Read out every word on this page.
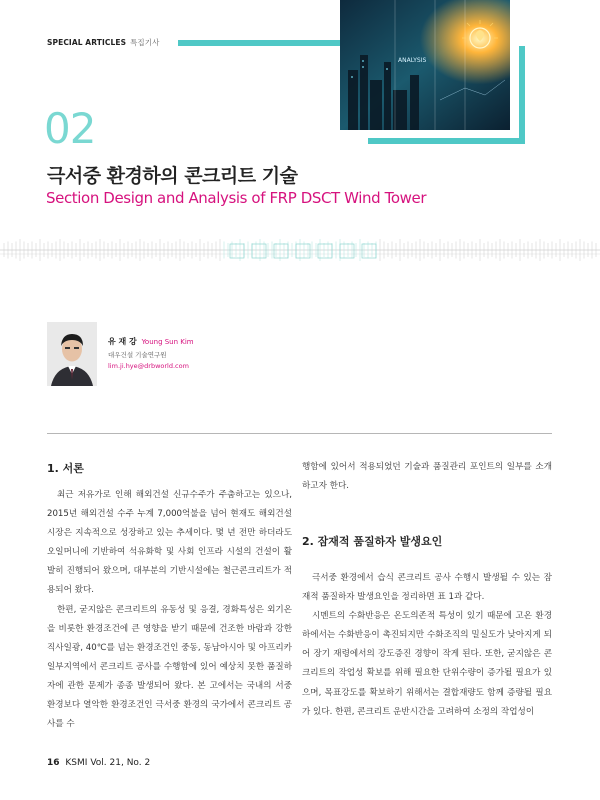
SPECIAL ARTICLES 특집기사
ANALYSIS
02
극서중 환경하의 콘크리트 기술
Section Design and Analysis of FRP DSCT Wind Tower
유 재 강 Young Sun Kim
대우건설 기술연구원
lim.ji.hye@drbworld.com
1. 서론

최근 저유가로 인해 해외건설 신규수주가 주춤하고는 있으나, 2015년 해외건설 수주 누계 7,000억불을 넘어 현재도 해외건설 시장은 지속적으로 성장하고 있는 추세이다. 몇 년 전만 하더라도 오일머니에 기반하여 석유화학 및 사회 인프라 시설의 건설이 활발히 진행되어 왔으며, 대부분의 기반시설에는 철근콘크리트가 적용되어 왔다.

한편, 굳지않은 콘크리트의 유동성 및 응결, 경화특성은 외기온을 비롯한 환경조건에 큰 영향을 받기 때문에 건조한 바람과 강한 직사일광, 40℃를 넘는 환경조건인 중동, 동남아시아 및 아프리카 일부지역에서 콘크리트 공사를 수행함에 있어 예상치 못한 품질하자에 관한 문제가 종종 발생되어 왔다. 본 고에서는 국내의 서중 환경보다 열악한 환경조건인 극서중 환경의 국가에서 콘크리트 공사를 수

행함에 있어서 적용되었던 기술과 품질관리 포인트의 일부를 소개하고자 한다.

2. 잠재적 품질하자 발생요인

극서중 환경에서 습식 콘크리트 공사 수행시 발생될 수 있는 잠재적 품질하자 발생요인을 정리하면 표 1과 같다.

시멘트의 수화반응은 온도의존적 특성이 있기 때문에 고온 환경하에서는 수화반응이 촉진되지만 수화조직의 밀실도가 낮아지게 되어 장기 재령에서의 강도증진 경향이 작게 된다. 또한, 굳지않은 콘크리트의 작업성 확보를 위해 필요한 단위수량이 증가될 필요가 있으며, 목표강도를 확보하기 위해서는 결합재량도 함께 증량될 필요가 있다. 한편, 콘크리트 운반시간을 고려하여 소정의 작업성이

16 KSMI Vol. 21, No. 2
